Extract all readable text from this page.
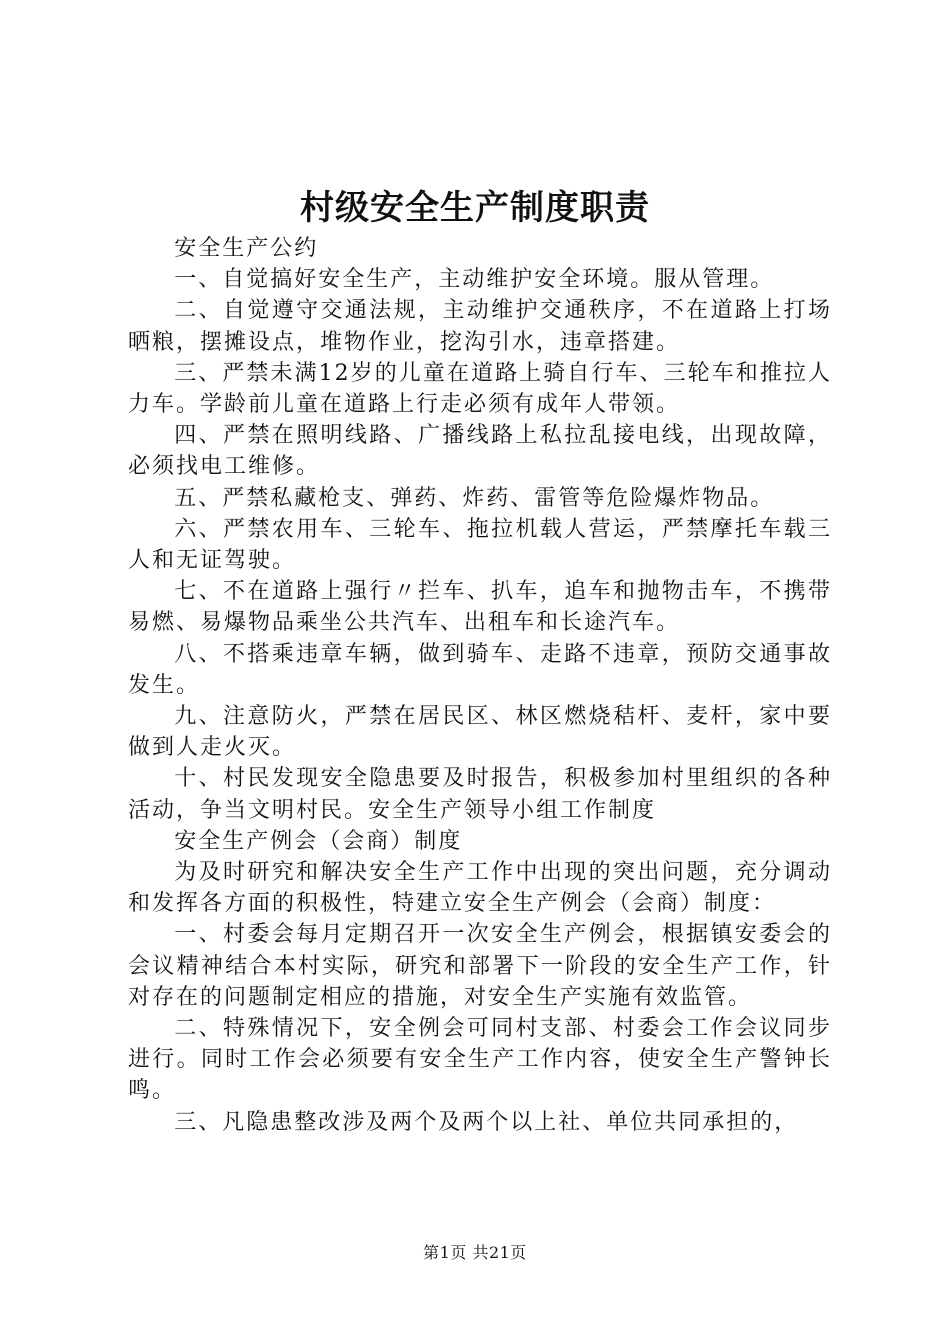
村级安全生产制度职责

安全生产公约

一、自觉搞好安全生产，主动维护安全环境。服从管理。

二、自觉遵守交通法规，主动维护交通秩序，不在道路上打场晒粮，摆摊设点，堆物作业，挖沟引水，违章搭建。

三、严禁未满12岁的儿童在道路上骑自行车、三轮车和推拉人力车。学龄前儿童在道路上行走必须有成年人带领。

四、严禁在照明线路、广播线路上私拉乱接电线，出现故障，必须找电工维修。

五、严禁私藏枪支、弹药、炸药、雷管等危险爆炸物品。

六、严禁农用车、三轮车、拖拉机载人营运，严禁摩托车载三人和无证驾驶。

七、不在道路上强行〃拦车、扒车，追车和抛物击车，不携带易燃、易爆物品乘坐公共汽车、出租车和长途汽车。

八、不搭乘违章车辆，做到骑车、走路不违章，预防交通事故发生。

九、注意防火，严禁在居民区、林区燃烧秸杆、麦杆，家中要做到人走火灭。

十、村民发现安全隐患要及时报告，积极参加村里组织的各种活动，争当文明村民。安全生产领导小组工作制度

安全生产例会（会商）制度

为及时研究和解决安全生产工作中出现的突出问题，充分调动和发挥各方面的积极性，特建立安全生产例会（会商）制度：

一、村委会每月定期召开一次安全生产例会，根据镇安委会的会议精神结合本村实际，研究和部署下一阶段的安全生产工作，针对存在的问题制定相应的措施，对安全生产实施有效监管。

二、特殊情况下，安全例会可同村支部、村委会工作会议同步进行。同时工作会必须要有安全生产工作内容，使安全生产警钟长鸣。

三、凡隐患整改涉及两个及两个以上社、单位共同承担的，

第1页 共21页
